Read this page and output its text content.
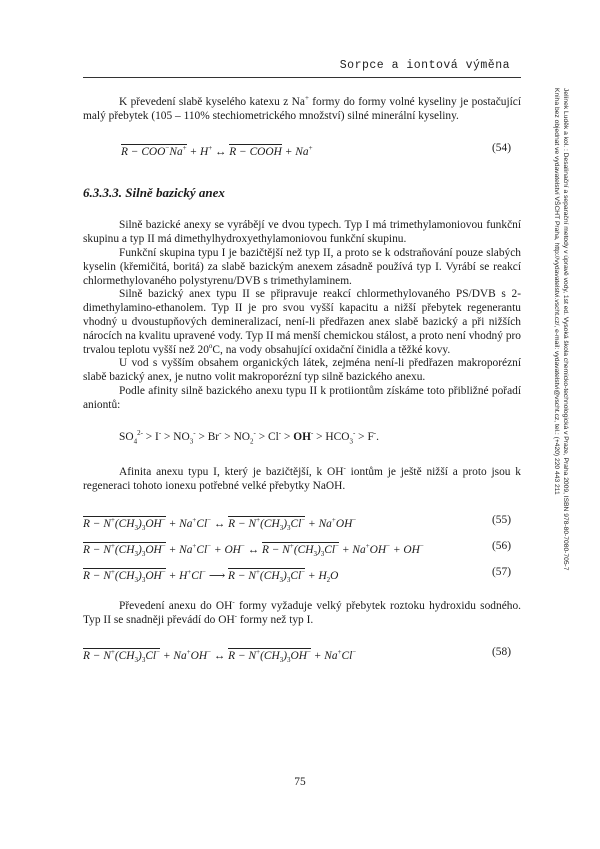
Sorpce a iontová výměna
Jelínek Luděk a kol. : Desalinační a separační metody v úpravě vody, 1st ed. Vysoká škola chemicko-technologická v Praze, Praha 2009, ISBN 978-80-7080-705-7
Kniha bez objednat ve vydavatelství VŠCHT Praha, http://vydavatelstvi.vscht.cz/, e-mail: vydavatelstvi@vscht.cz, tel.: (+420) 220 443 211

K převedení slabě kyselého katexu z Na+ formy do formy volné kyseliny je postačující malý přebytek (105 – 110% stechiometrického množství) silné minerální kyseliny.

R − COO−Na+ + H+ ↔ R − COOH + Na+	(54)
6.3.3.3. Silně bazický anex

Silně bazické anexy se vyrábějí ve dvou typech. Typ I má trimethylamoniovou funkční skupinu a typ II má dimethylhydroxyethylamoniovou funkční skupinu.

Funkční skupina typu I je bazičtější než typ II, a proto se k odstraňování pouze slabých kyselin (křemičitá, boritá) za slabě bazickým anexem zásadně používá typ I. Vyrábí se reakcí chlormethylovaného polystyrenu/DVB s trimethylaminem.

Silně bazický anex typu II se připravuje reakcí chlormethylovaného PS/DVB s 2-dimethylamino-ethanolem. Typ II je pro svou vyšší kapacitu a nižší přebytek regenerantu vhodný u dvoustupňových demineralizací, není-li předřazen anex slabě bazický a při nižších nárocích na kvalitu upravené vody. Typ II má menší chemickou stálost, a proto není vhodný pro trvalou teplotu vyšší než 20$^o$C, na vody obsahující oxidační činidla a těžké kovy.

U vod s vyšším obsahem organických látek, zejména není-li předřazen makroporézní slabě bazický anex, je nutno volit makroporézní typ silně bazického anexu.

Podle afinity silně bazického anexu typu II k protiiontům získáme toto přibližné pořadí aniontů:

$SO_4^{2-} > I^- > NO_3^- > Br^- > NO_2^- > Cl^- > OH^- > HCO_3^- > F^-$.

Afinita anexu typu I, který je bazičtější, k OH- iontům je ještě nižší a proto jsou k regeneraci tohoto ionexu potřebné velké přebytky NaOH.

$R - N^+(CH_3)_3OH^- + Na^+Cl^-$ ↔ $R - N^+(CH_3)_3Cl^- + Na^+OH^-$	(55)
$R - N^+(CH_3)_3OH^- + Na^+Cl^- + OH^-$ ↔ $R - N^+(CH_3)_3Cl^- + Na^+OH^- + OH^-$	(56)
$R - N^+(CH_3)_3OH^- + H^+Cl^-$ ⟶ $R - N^+(CH_3)_3Cl^- + H_2O$	(57)

Převedení anexu do OH- formy vyžaduje velký přebytek roztoku hydroxidu sodného. Typ II se snadněji převádí do OH- formy než typ I.

$R - N^+(CH_3)_3Cl^- + Na^+OH^-$ ↔ $R - N^+(CH_3)_3OH^- + Na^+Cl^-$	(58)
75
